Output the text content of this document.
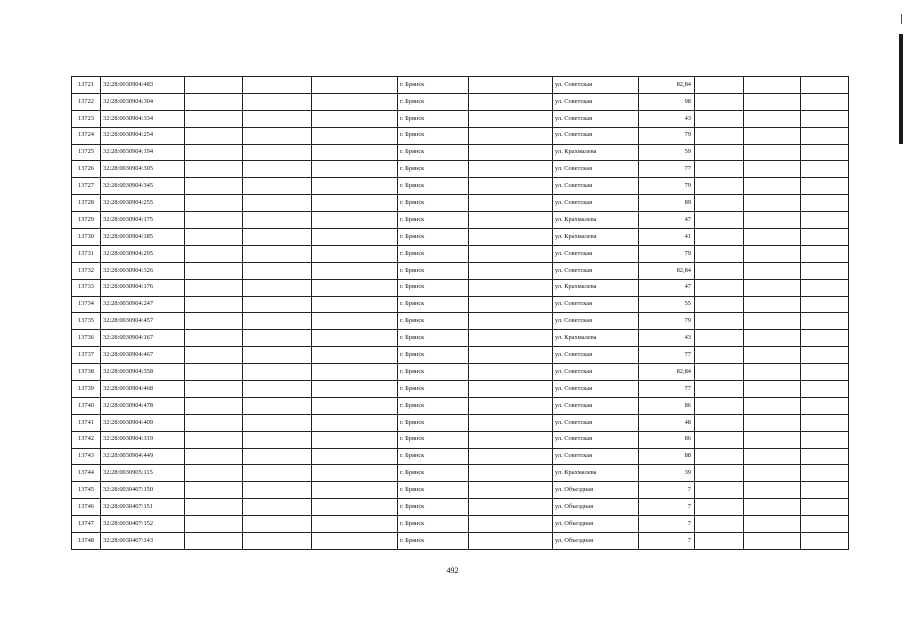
13721	32:28:0030904:483				г. Брянск		ул. Советская	82,84			
13722	32:28:0030904:304				г. Брянск		ул. Советская	98			
13723	32:28:0030904:334				г. Брянск		ул. Советская	43			
13724	32:28:0030904:254				г. Брянск		ул. Советская	79			
13725	32:28:0030904:194				г. Брянск		ул. Крахмалева	59			
13726	32:28:0030904:305				г. Брянск		ул. Советская	77			
13727	32:28:0030904:345				г. Брянск		ул. Советская	79			
13728	32:28:0030904:255				г. Брянск		ул. Советская	89			
13729	32:28:0030904:175				г. Брянск		ул. Крахмалева	47			
13730	32:28:0030904:185				г. Брянск		ул. Крахмалева	41			
13731	32:28:0030904:295				г. Брянск		ул. Советская	79			
13732	32:28:0030904:326				г. Брянск		ул. Советская	82,84			
13733	32:28:0030904:176				г. Брянск		ул. Крахмалева	47			
13734	32:28:0030904:247				г. Брянск		ул. Советская	55			
13735	32:28:0030904:457				г. Брянск		ул. Советская	79			
13736	32:28:0030904:167				г. Брянск		ул. Крахмалева	43			
13737	32:28:0030904:467				г. Брянск		ул. Советская	77			
13738	32:28:0030904:358				г. Брянск		ул. Советская	82,84			
13739	32:28:0030904:468				г. Брянск		ул. Советская	77			
13740	32:28:0030904:478				г. Брянск		ул. Советская	86			
13741	32:28:0030904:409				г. Брянск		ул. Советская	48			
13742	32:28:0030904:319				г. Брянск		ул. Советская	86			
13743	32:28:0030904:449				г. Брянск		ул. Советская	88			
13744	32:28:0030905:115				г. Брянск		ул. Крахмалева	39			
13745	32:28:0030407:150				г. Брянск		ул. Объездная	7			
13746	32:28:0030407:151				г. Брянск		ул. Объездная	7			
13747	32:28:0030407:152				г. Брянск		ул. Объездная	7			
13748	32:28:0030407:143				г. Брянск		ул. Объездная	7			
492
